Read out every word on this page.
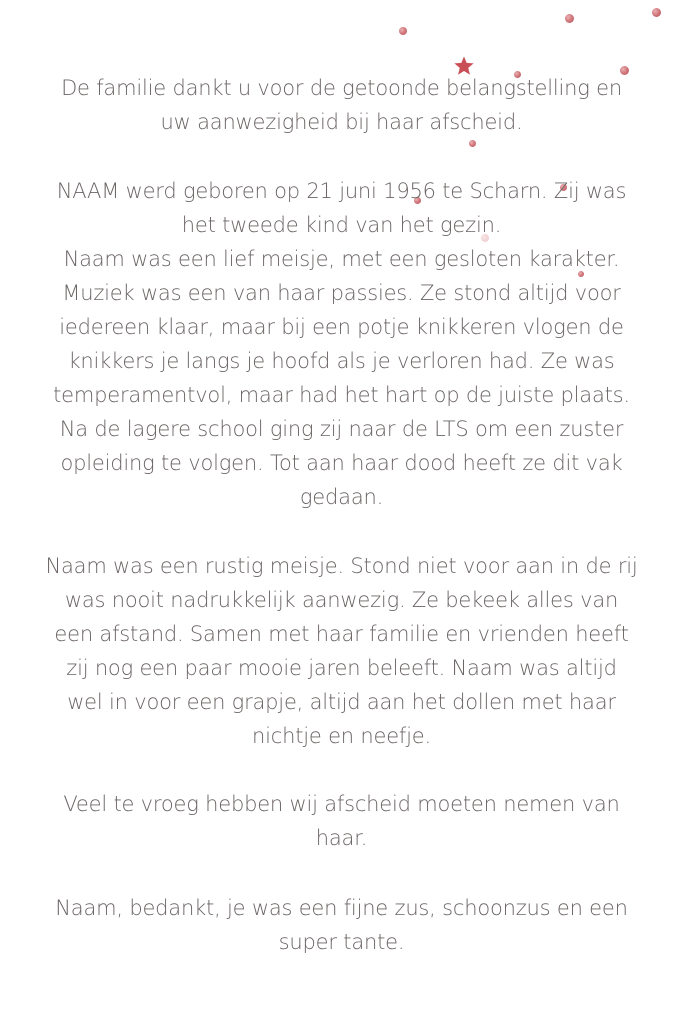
De familie dankt u voor de getoonde belangstelling en
uw aanwezigheid bij haar afscheid.
NAAM werd geboren op 21 juni 1956 te Scharn. Zij was
het tweede kind van het gezin.
Naam was een lief meisje, met een gesloten karakter.
Muziek was een van haar passies. Ze stond altijd voor
iedereen klaar, maar bij een potje knikkeren vlogen de
knikkers je langs je hoofd als je verloren had. Ze was
temperamentvol, maar had het hart op de juiste plaats.
Na de lagere school ging zij naar de LTS om een zuster
opleiding te volgen. Tot aan haar dood heeft ze dit vak
gedaan.
Naam was een rustig meisje. Stond niet voor aan in de rij
was nooit nadrukkelijk aanwezig. Ze bekeek alles van
een afstand. Samen met haar familie en vrienden heeft
zij nog een paar mooie jaren beleeft. Naam was altijd
wel in voor een grapje, altijd aan het dollen met haar
nichtje en neefje.
Veel te vroeg hebben wij afscheid moeten nemen van
haar.
Naam, bedankt, je was een fijne zus, schoonzus en een
super tante.
